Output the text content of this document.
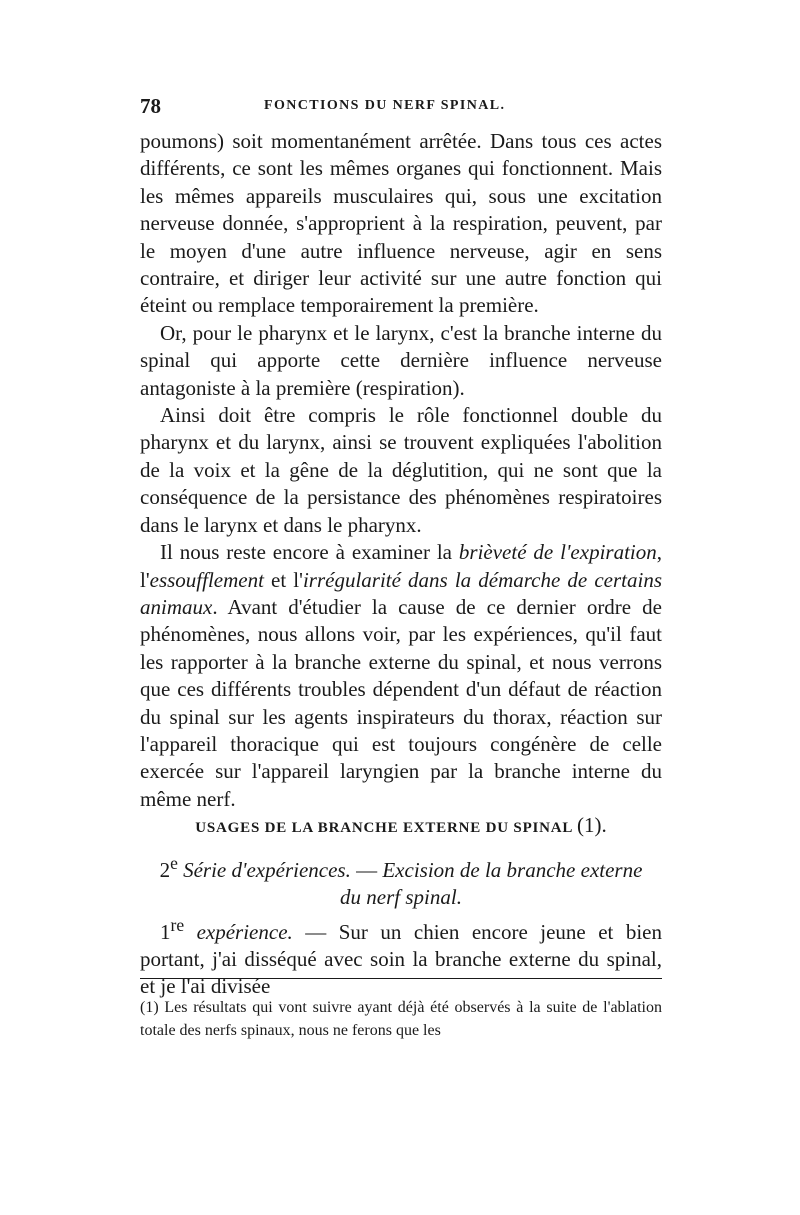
78	FONCTIONS DU NERF SPINAL.

poumons) soit momentanément arrêtée. Dans tous ces actes différents, ce sont les mêmes organes qui fonctionnent. Mais les mêmes appareils musculaires qui, sous une excitation nerveuse donnée, s'approprient à la respiration, peuvent, par le moyen d'une autre influence nerveuse, agir en sens contraire, et diriger leur activité sur une autre fonction qui éteint ou remplace temporairement la première.

Or, pour le pharynx et le larynx, c'est la branche interne du spinal qui apporte cette dernière influence nerveuse antagoniste à la première (respiration).

Ainsi doit être compris le rôle fonctionnel double du pharynx et du larynx, ainsi se trouvent expliquées l'abolition de la voix et la gêne de la déglutition, qui ne sont que la conséquence de la persistance des phénomènes respiratoires dans le larynx et dans le pharynx.

Il nous reste encore à examiner la brièveté de l'expiration, l'essoufflement et l'irrégularité dans la démarche de certains animaux. Avant d'étudier la cause de ce dernier ordre de phénomènes, nous allons voir, par les expériences, qu'il faut les rapporter à la branche externe du spinal, et nous verrons que ces différents troubles dépendent d'un défaut de réaction du spinal sur les agents inspirateurs du thorax, réaction sur l'appareil thoracique qui est toujours congénère de celle exercée sur l'appareil laryngien par la branche interne du même nerf.

USAGES DE LA BRANCHE EXTERNE DU SPINAL (1).
2e Série d'expériences. — Excision de la branche externe
du nerf spinal.

1re expérience. — Sur un chien encore jeune et bien portant, j'ai disséqué avec soin la branche externe du spinal, et je l'ai divisée

(1) Les résultats qui vont suivre ayant déjà été observés à la suite de l'ablation totale des nerfs spinaux, nous ne ferons que les
